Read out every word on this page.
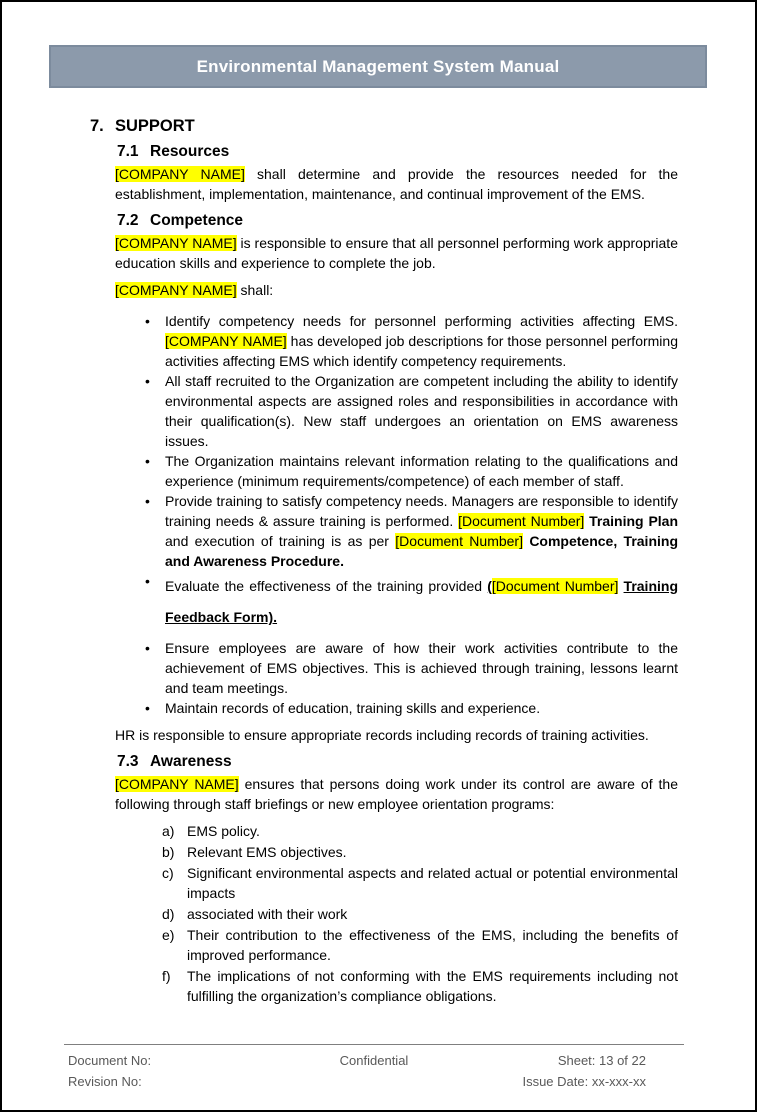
Environmental Management System Manual
7. SUPPORT
7.1 Resources
[COMPANY NAME] shall determine and provide the resources needed for the establishment, implementation, maintenance, and continual improvement of the EMS.
7.2 Competence
[COMPANY NAME] is responsible to ensure that all personnel performing work appropriate education skills and experience to complete the job.
[COMPANY NAME] shall:
•	Identify competency needs for personnel performing activities affecting EMS. [COMPANY NAME] has developed job descriptions for those personnel performing activities affecting EMS which identify competency requirements.
•	All staff recruited to the Organization are competent including the ability to identify environmental aspects are assigned roles and responsibilities in accordance with their qualification(s). New staff undergoes an orientation on EMS awareness issues.
•	The Organization maintains relevant information relating to the qualifications and experience (minimum requirements/competence) of each member of staff.
•	Provide training to satisfy competency needs. Managers are responsible to identify training needs & assure training is performed. [Document Number] Training Plan and execution of training is as per [Document Number] Competence, Training and Awareness Procedure.
•	Evaluate the effectiveness of the training provided ([Document Number] Training Feedback Form).
•	Ensure employees are aware of how their work activities contribute to the achievement of EMS objectives. This is achieved through training, lessons learnt and team meetings.
•	Maintain records of education, training skills and experience.
HR is responsible to ensure appropriate records including records of training activities.
7.3 Awareness
[COMPANY NAME] ensures that persons doing work under its control are aware of the following through staff briefings or new employee orientation programs:
a) EMS policy.
b) Relevant EMS objectives.
c) Significant environmental aspects and related actual or potential environmental impacts
d) associated with their work
e) Their contribution to the effectiveness of the EMS, including the benefits of improved performance.
f)	The implications of not conforming with the EMS requirements including not fulfilling the organization’s compliance obligations.
Document No:
Revision No:
Confidential	Sheet: 13 of 22
Issue Date: xx-xxx-xx
